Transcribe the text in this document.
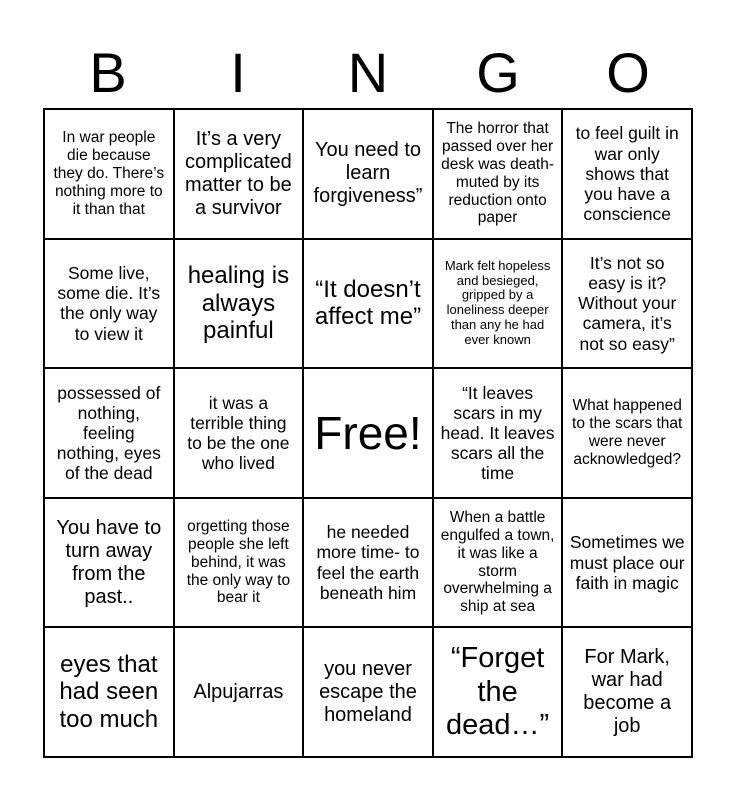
B	I	N	G	O
In war people die because they do. There’s nothing more to it than that
It’s a very complicated matter to be a survivor
You need to learn forgiveness”
The horror that passed over her desk was death-muted by its reduction onto paper
to feel guilt in war only shows that you have a conscience
Some live, some die. It’s the only way to view it
healing is always painful
“It doesn’t affect me”
Mark felt hopeless and besieged, gripped by a loneliness deeper than any he had ever known
It’s not so easy is it? Without your camera, it’s not so easy”
possessed of nothing, feeling nothing, eyes of the dead
it was a terrible thing to be the one who lived
Free!
“It leaves scars in my head. It leaves scars all the time
What happened to the scars that were never acknowledged?
You have to turn away from the past..
orgetting those people she left behind, it was the only way to bear it
he needed more time- to feel the earth beneath him
When a battle engulfed a town, it was like a storm overwhelming a ship at sea
Sometimes we must place our faith in magic
eyes that had seen too much
Alpujarras
you never escape the homeland
“Forget the dead…”
For Mark, war had become a job
